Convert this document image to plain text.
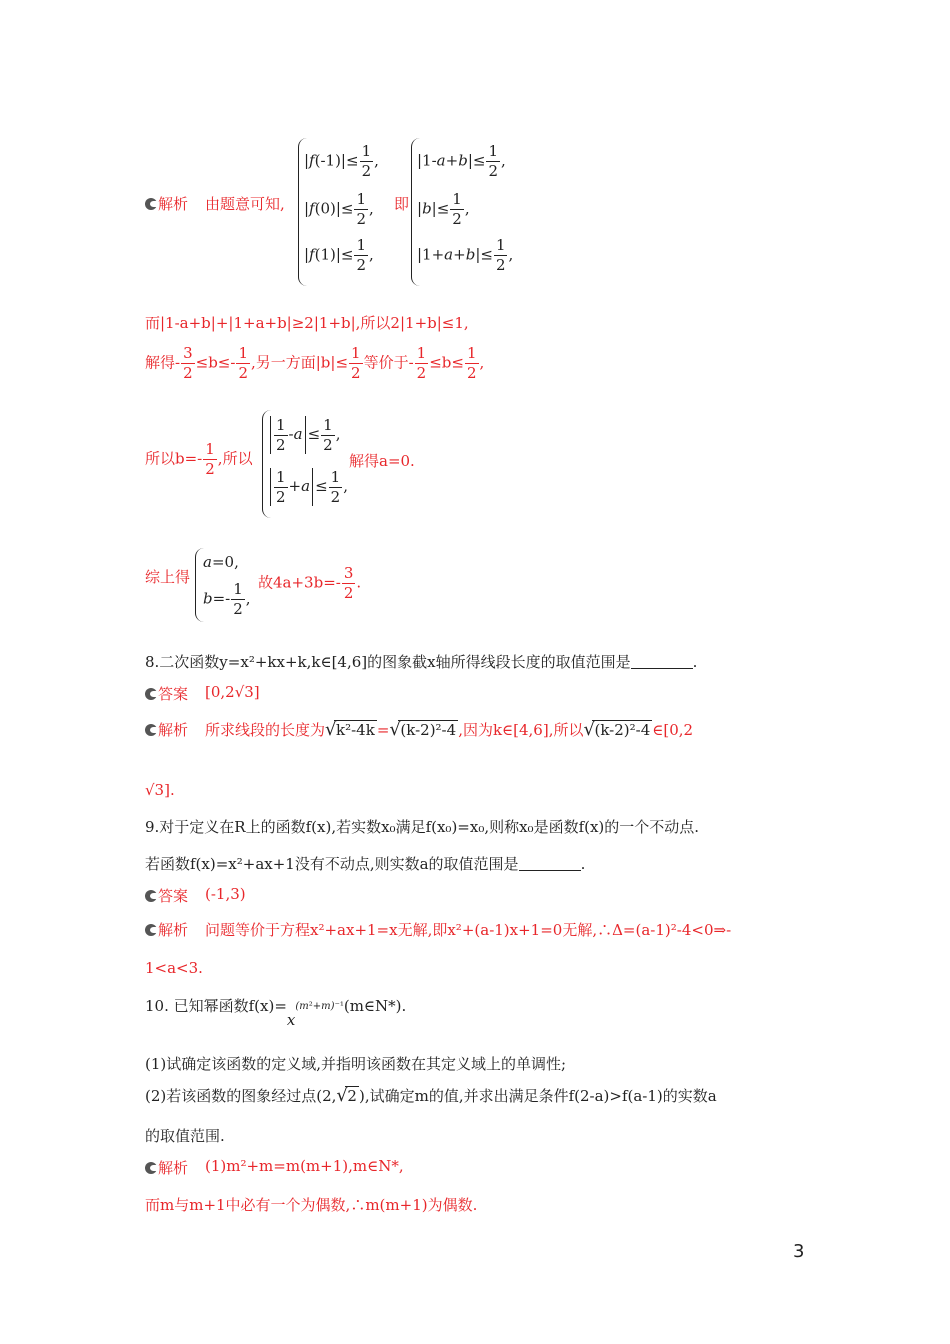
解析 由题意可知,
$|f(-1)|\le \frac{1}{2}$ ,
$|f(0)|\le \frac{1}{2}$ ,
$|f(1)|\le \frac{1}{2}$ ,
即
$|1-a+b|\le \frac{1}{2}$ ,
$|b|\le \frac{1}{2}$ ,
$|1+a+b|\le \frac{1}{2}$ ,
而|1-a+b|+|1+a+b|≥2|1+b|,所以2|1+b|≤1,
解得- $\frac{3}{2} \le b\le- \frac{1}{2}$ ,另一方面$|b|\le \frac{1}{2}$ 等价于- $\frac{1}{2} \le b\le \frac{1}{2}$ ,
所以$b=- \frac{1}{2}$ ,所以
$\frac{1}{2} -a \le \frac{1}{2}$ ,
$\frac{1}{2} +a \le \frac{1}{2}$ ,
解得a=0.
综上得
a=0,
$b=- \frac{1}{2}$ ,
故$4a+3b=- \frac{3}{2}$ .
8.二次函数y=x²+kx+k,k∈[4,6]的图象截x轴所得线段长度的取值范围是	.
答案 [0,2√3]
解析 所求线段的长度为 √ k²-4k = √ (k-2)²-4 ,因为k∈[4,6],所以 √ (k-2)²-4 ∈[0,2
√3].
9.对于定义在R上的函数f(x),若实数x₀满足f(x₀)=x₀,则称x₀是函数f(x)的一个不动点.
若函数f(x)=x²+ax+1没有不动点,则实数a的取值范围是	.
答案 (-1,3)
解析 问题等价于方程x²+ax+1=x无解,即x²+(a-1)x+1=0无解,∴Δ=(a-1)²-4<0⇒-
1<a<3.
10. 已知幂函数$f(x)=x^{(m^2+m)^{-1}}(m\in N*)$.
(1)试确定该函数的定义域,并指明该函数在其定义域上的单调性;
(2)若该函数的图象经过点(2, √ 2 ),试确定m的值,并求出满足条件f(2-a)>f(a-1)的实数a
的取值范围.
解析 (1)m²+m=m(m+1),m∈N*,
而m与m+1中必有一个为偶数,∴m(m+1)为偶数.
3
